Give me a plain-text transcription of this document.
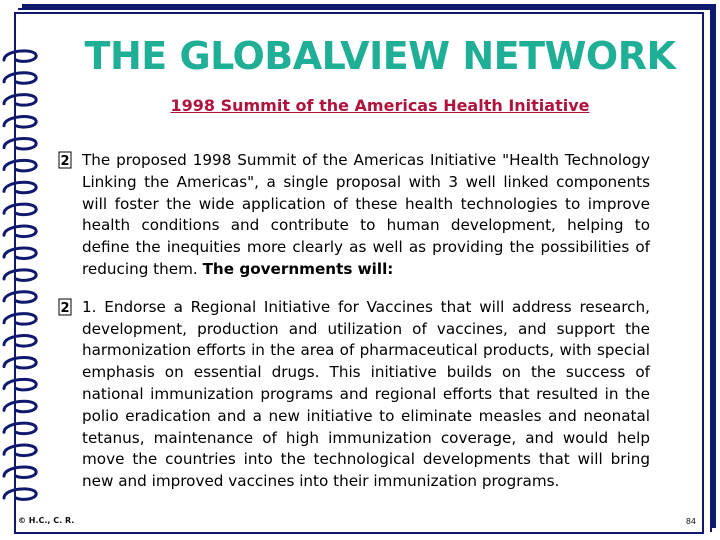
THE GLOBALVIEW NETWORK
1998 Summit of the Americas Health Initiative
2 The proposed 1998 Summit of the Americas Initiative "Health Technology Linking the Americas", a single proposal with 3 well linked components will foster the wide application of these health technologies to improve health conditions and contribute to human development, helping to define the inequities more clearly as well as providing the possibilities of reducing them. The governments will:
2 1. Endorse a Regional Initiative for Vaccines that will address research, development, production and utilization of vaccines, and support the harmonization efforts in the area of pharmaceutical products, with special emphasis on essential drugs. This initiative builds on the success of national immunization programs and regional efforts that resulted in the polio eradication and a new initiative to eliminate measles and neonatal tetanus, maintenance of high immunization coverage, and would help move the countries into the technological developments that will bring new and improved vaccines into their immunization programs.
© H.C., C. R.	84
